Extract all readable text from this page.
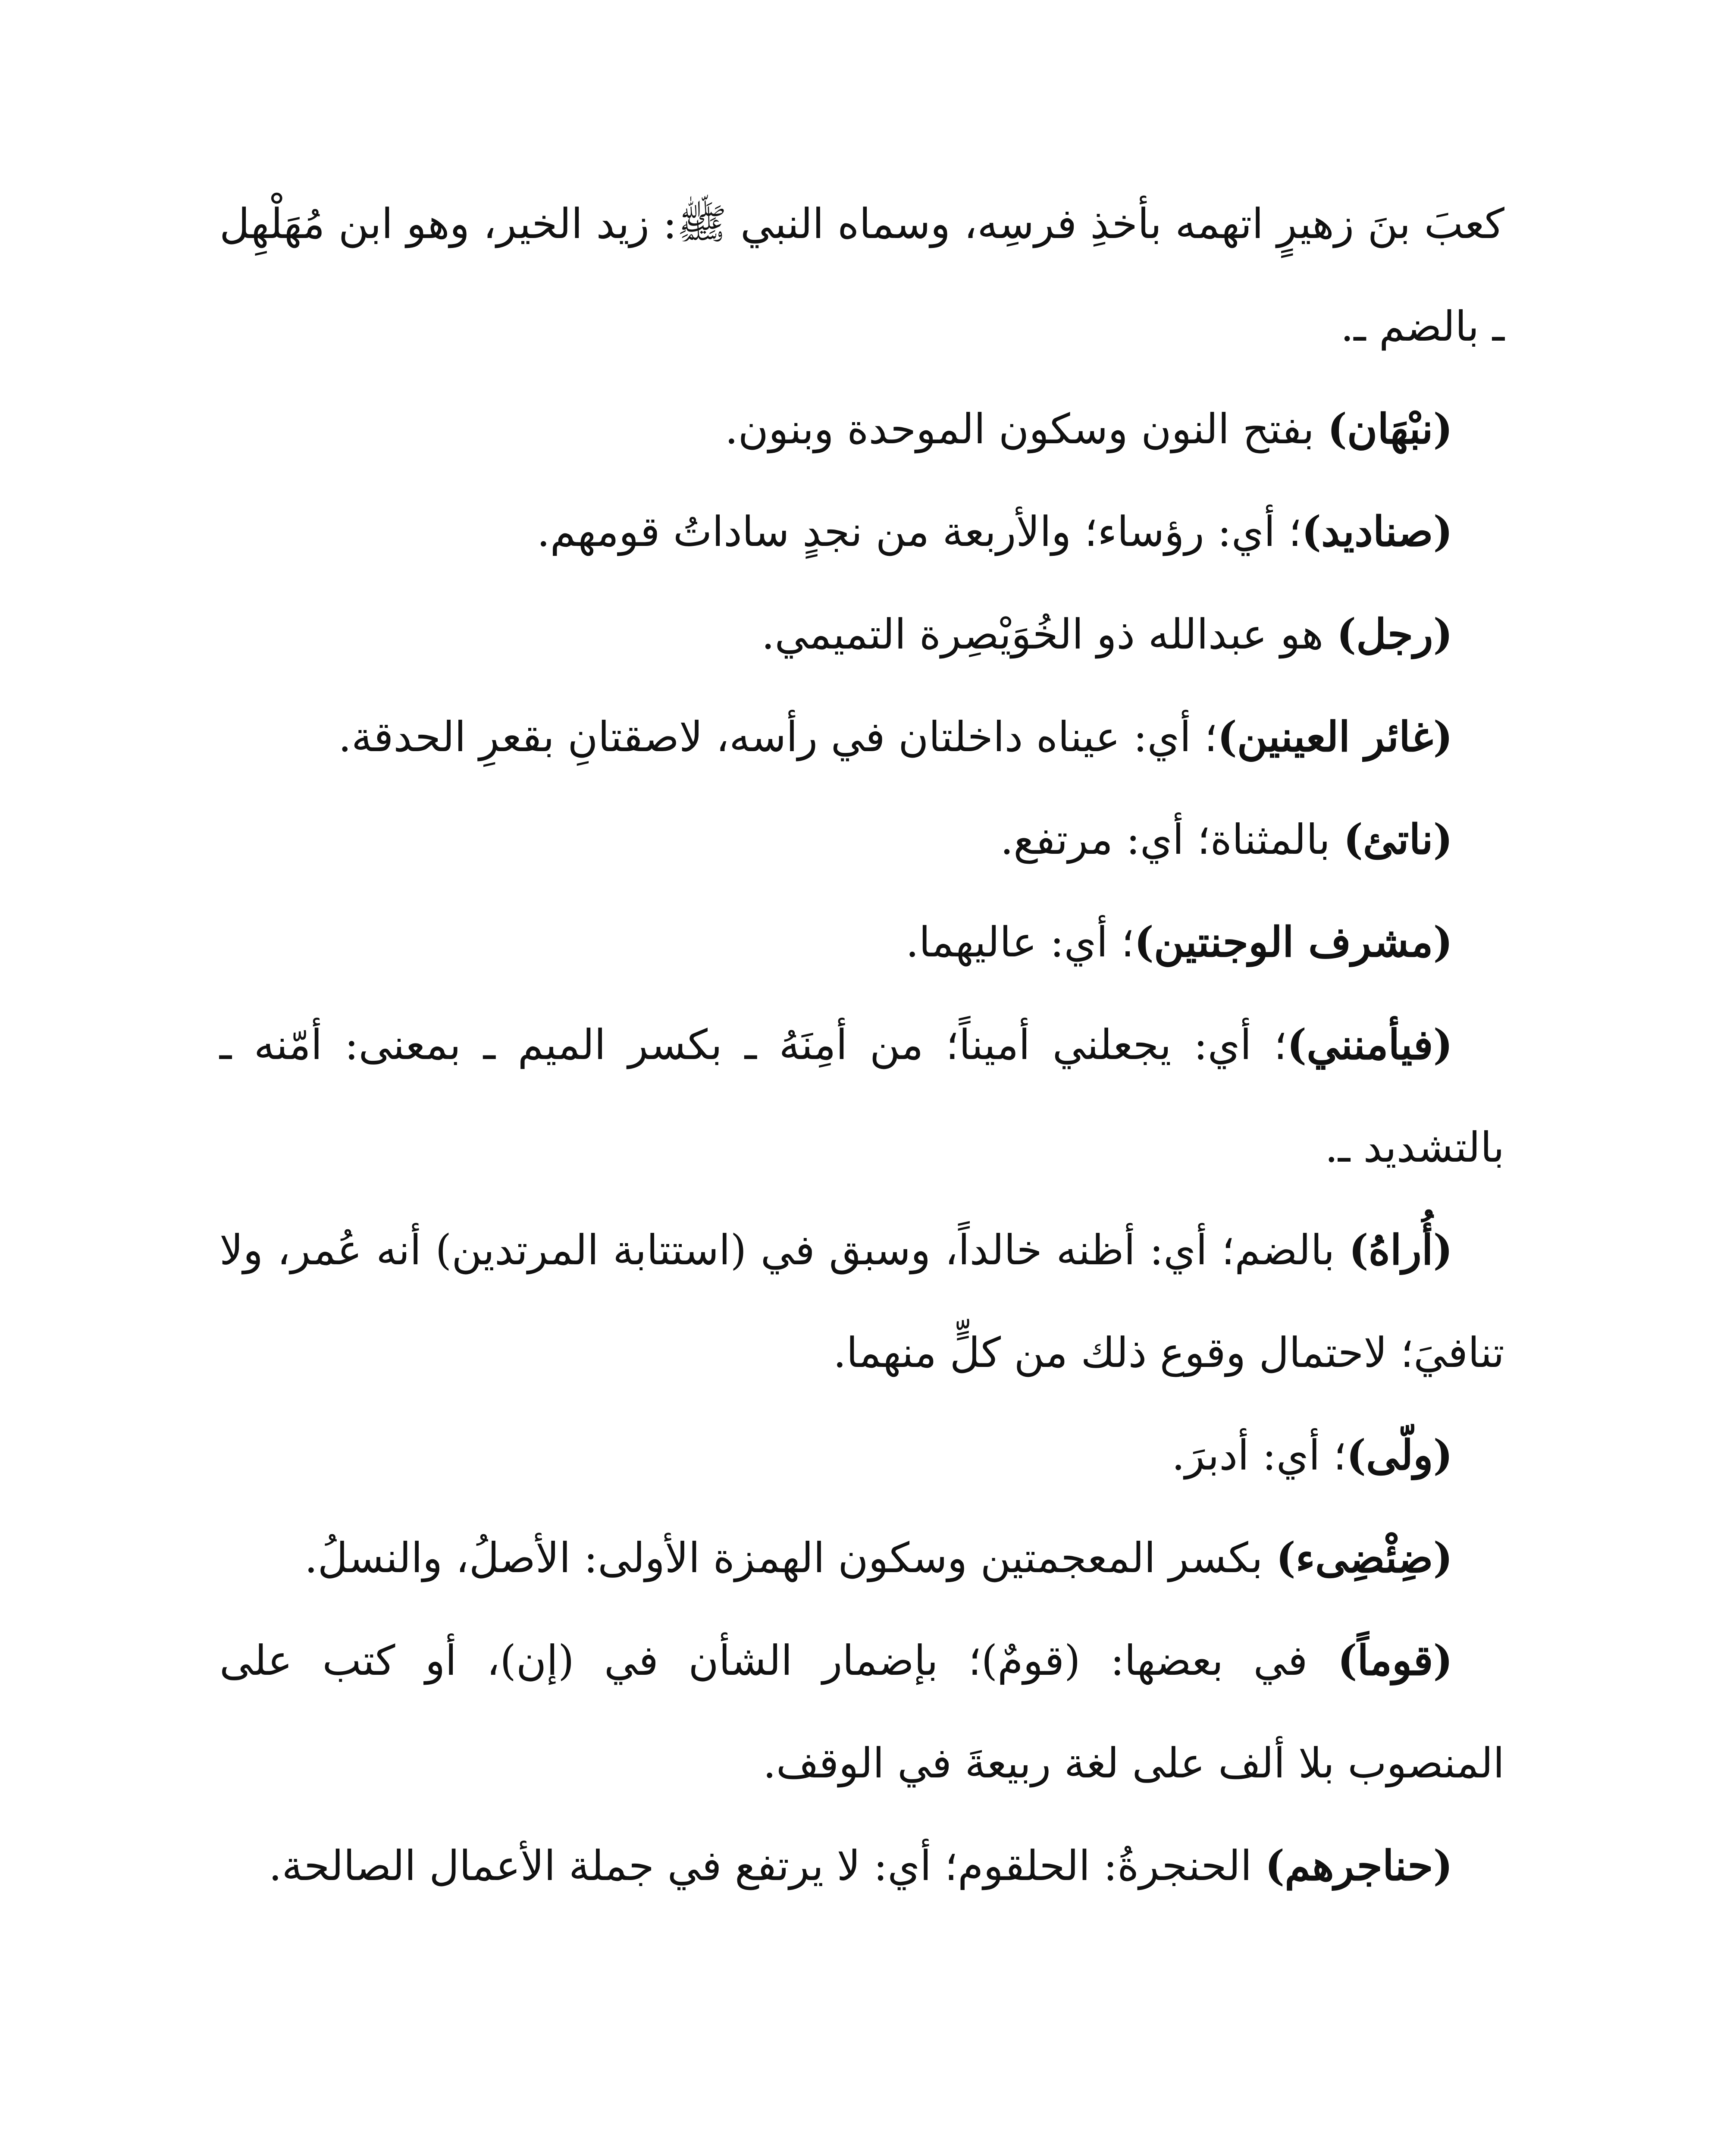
كعبَ بنَ زهيرٍ اتهمه بأخذِ فرسِه، وسماه النبي ﷺ: زيد الخير، وهو ابن مُهَلْهِل ـ بالضم ـ.

(نبْهَان) بفتح النون وسكون الموحدة وبنون.

(صناديد)؛ أي: رؤساء؛ والأربعة من نجدٍ ساداتُ قومهم.

(رجل) هو عبدالله ذو الخُوَيْصِرة التميمي.

(غائر العينين)؛ أي: عيناه داخلتان في رأسه، لاصقتانِ بقعرِ الحدقة.

(ناتئ) بالمثناة؛ أي: مرتفع.

(مشرف الوجنتين)؛ أي: عاليهما.

(فيأمنني)؛ أي: يجعلني أميناً؛ من أمِنَهُ ـ بكسر الميم ـ بمعنى: أمّنه ـ بالتشديد ـ.

(أُراهُ) بالضم؛ أي: أظنه خالداً، وسبق في (استتابة المرتدين) أنه عُمر، ولا تنافيَ؛ لاحتمال وقوع ذلك من كلٍّ منهما.

(ولّى)؛ أي: أدبرَ.

(ضِئْضِىء) بكسر المعجمتين وسكون الهمزة الأولى: الأصلُ، والنسلُ.

(قوماً) في بعضها: (قومٌ)؛ بإضمار الشأن في (إن)، أو كتب على المنصوب بلا ألف على لغة ربيعةَ في الوقف.

(حناجرهم) الحنجرةُ: الحلقوم؛ أي: لا يرتفع في جملة الأعمال الصالحة.
